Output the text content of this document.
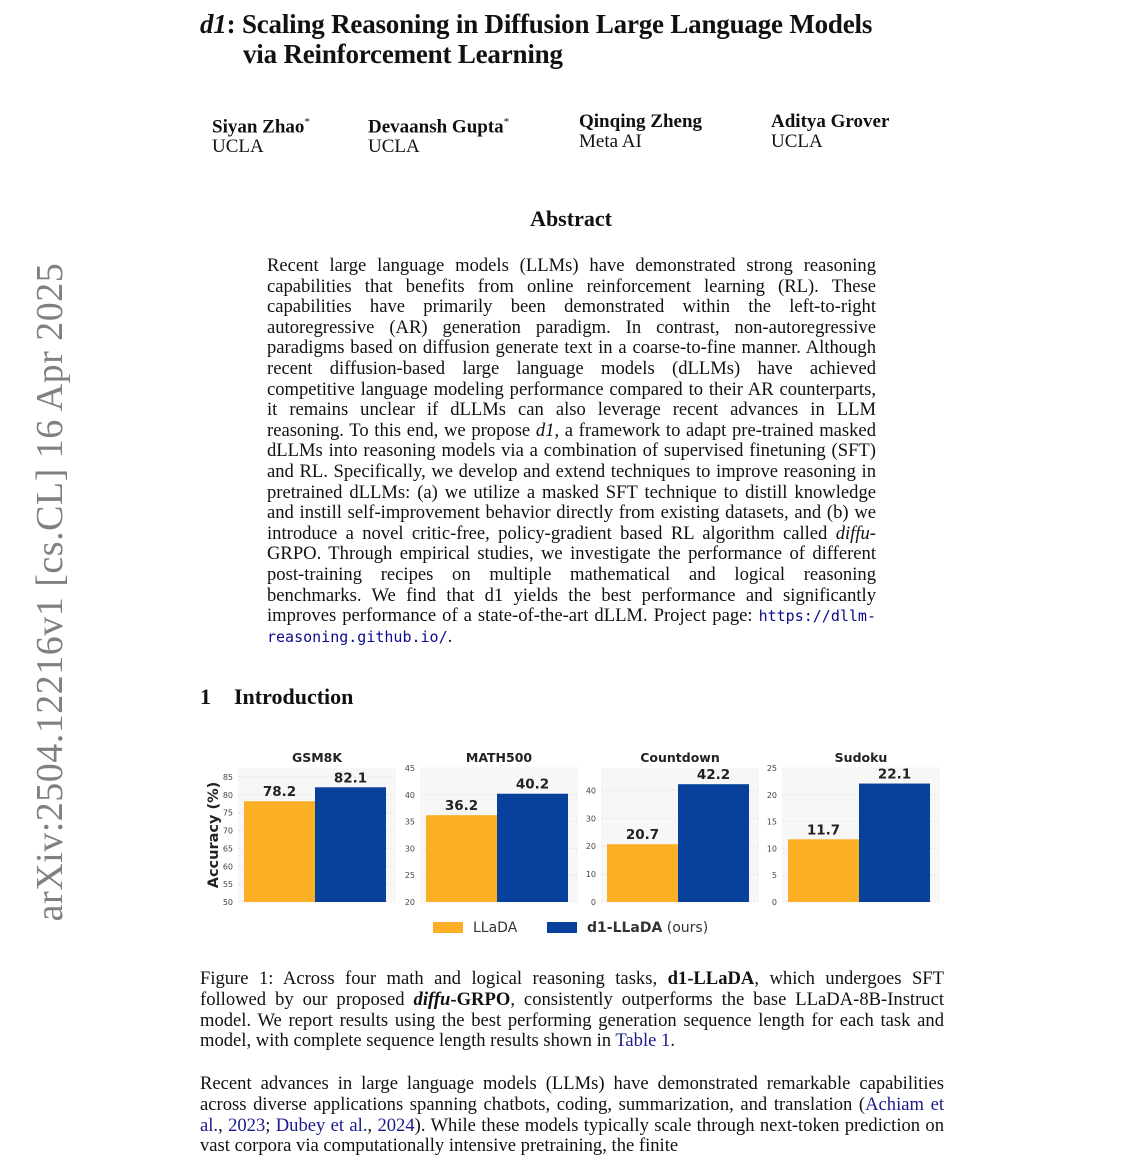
arXiv:2504.12216v1 [cs.CL] 16 Apr 2025
d1: Scaling Reasoning in Diffusion Large Language Models
via Reinforcement Learning
Siyan Zhao*
UCLA
Devaansh Gupta*
UCLA
Qinqing Zheng
Meta AI
Aditya Grover
UCLA
Abstract
Recent large language models (LLMs) have demonstrated strong reasoning capabilities that benefits from online reinforcement learning (RL). These capabilities have primarily been demonstrated within the left-to-right autoregressive (AR) generation paradigm. In contrast, non-autoregressive paradigms based on diffusion generate text in a coarse-to-fine manner. Although recent diffusion-based large language models (dLLMs) have achieved competitive language modeling performance compared to their AR counterparts, it remains unclear if dLLMs can also leverage recent advances in LLM reasoning. To this end, we propose d1, a framework to adapt pre-trained masked dLLMs into reasoning models via a combination of supervised finetuning (SFT) and RL. Specifically, we develop and extend techniques to improve reasoning in pretrained dLLMs: (a) we utilize a masked SFT technique to distill knowledge and instill self-improvement behavior directly from existing datasets, and (b) we introduce a novel critic-free, policy-gradient based RL algorithm called diffu-GRPO. Through empirical studies, we investigate the performance of different post-training recipes on multiple mathematical and logical reasoning benchmarks. We find that d1 yields the best performance and significantly improves performance of a state-of-the-art dLLM. Project page: https://dllm-reasoning.github.io/.
1 Introduction
50
55
60
65
70
75
80
85
GSM8K
78.2
82.1
20
25
30
35
40
45
MATH500
36.2
40.2
0
10
20
30
40
Countdown
20.7
42.2
0
5
10
15
20
25
Sudoku
11.7
22.1
Accuracy (%)
LLaDA	d1-LLaDA (ours)
Figure 1: Across four math and logical reasoning tasks, d1-LLaDA, which undergoes SFT followed by our proposed diffu-GRPO, consistently outperforms the base LLaDA-8B-Instruct model. We report results using the best performing generation sequence length for each task and model, with complete sequence length results shown in Table 1.
Recent advances in large language models (LLMs) have demonstrated remarkable capabilities across diverse applications spanning chatbots, coding, summarization, and translation (Achiam et al., 2023; Dubey et al., 2024). While these models typically scale through next-token prediction on vast corpora via computationally intensive pretraining, the finite
